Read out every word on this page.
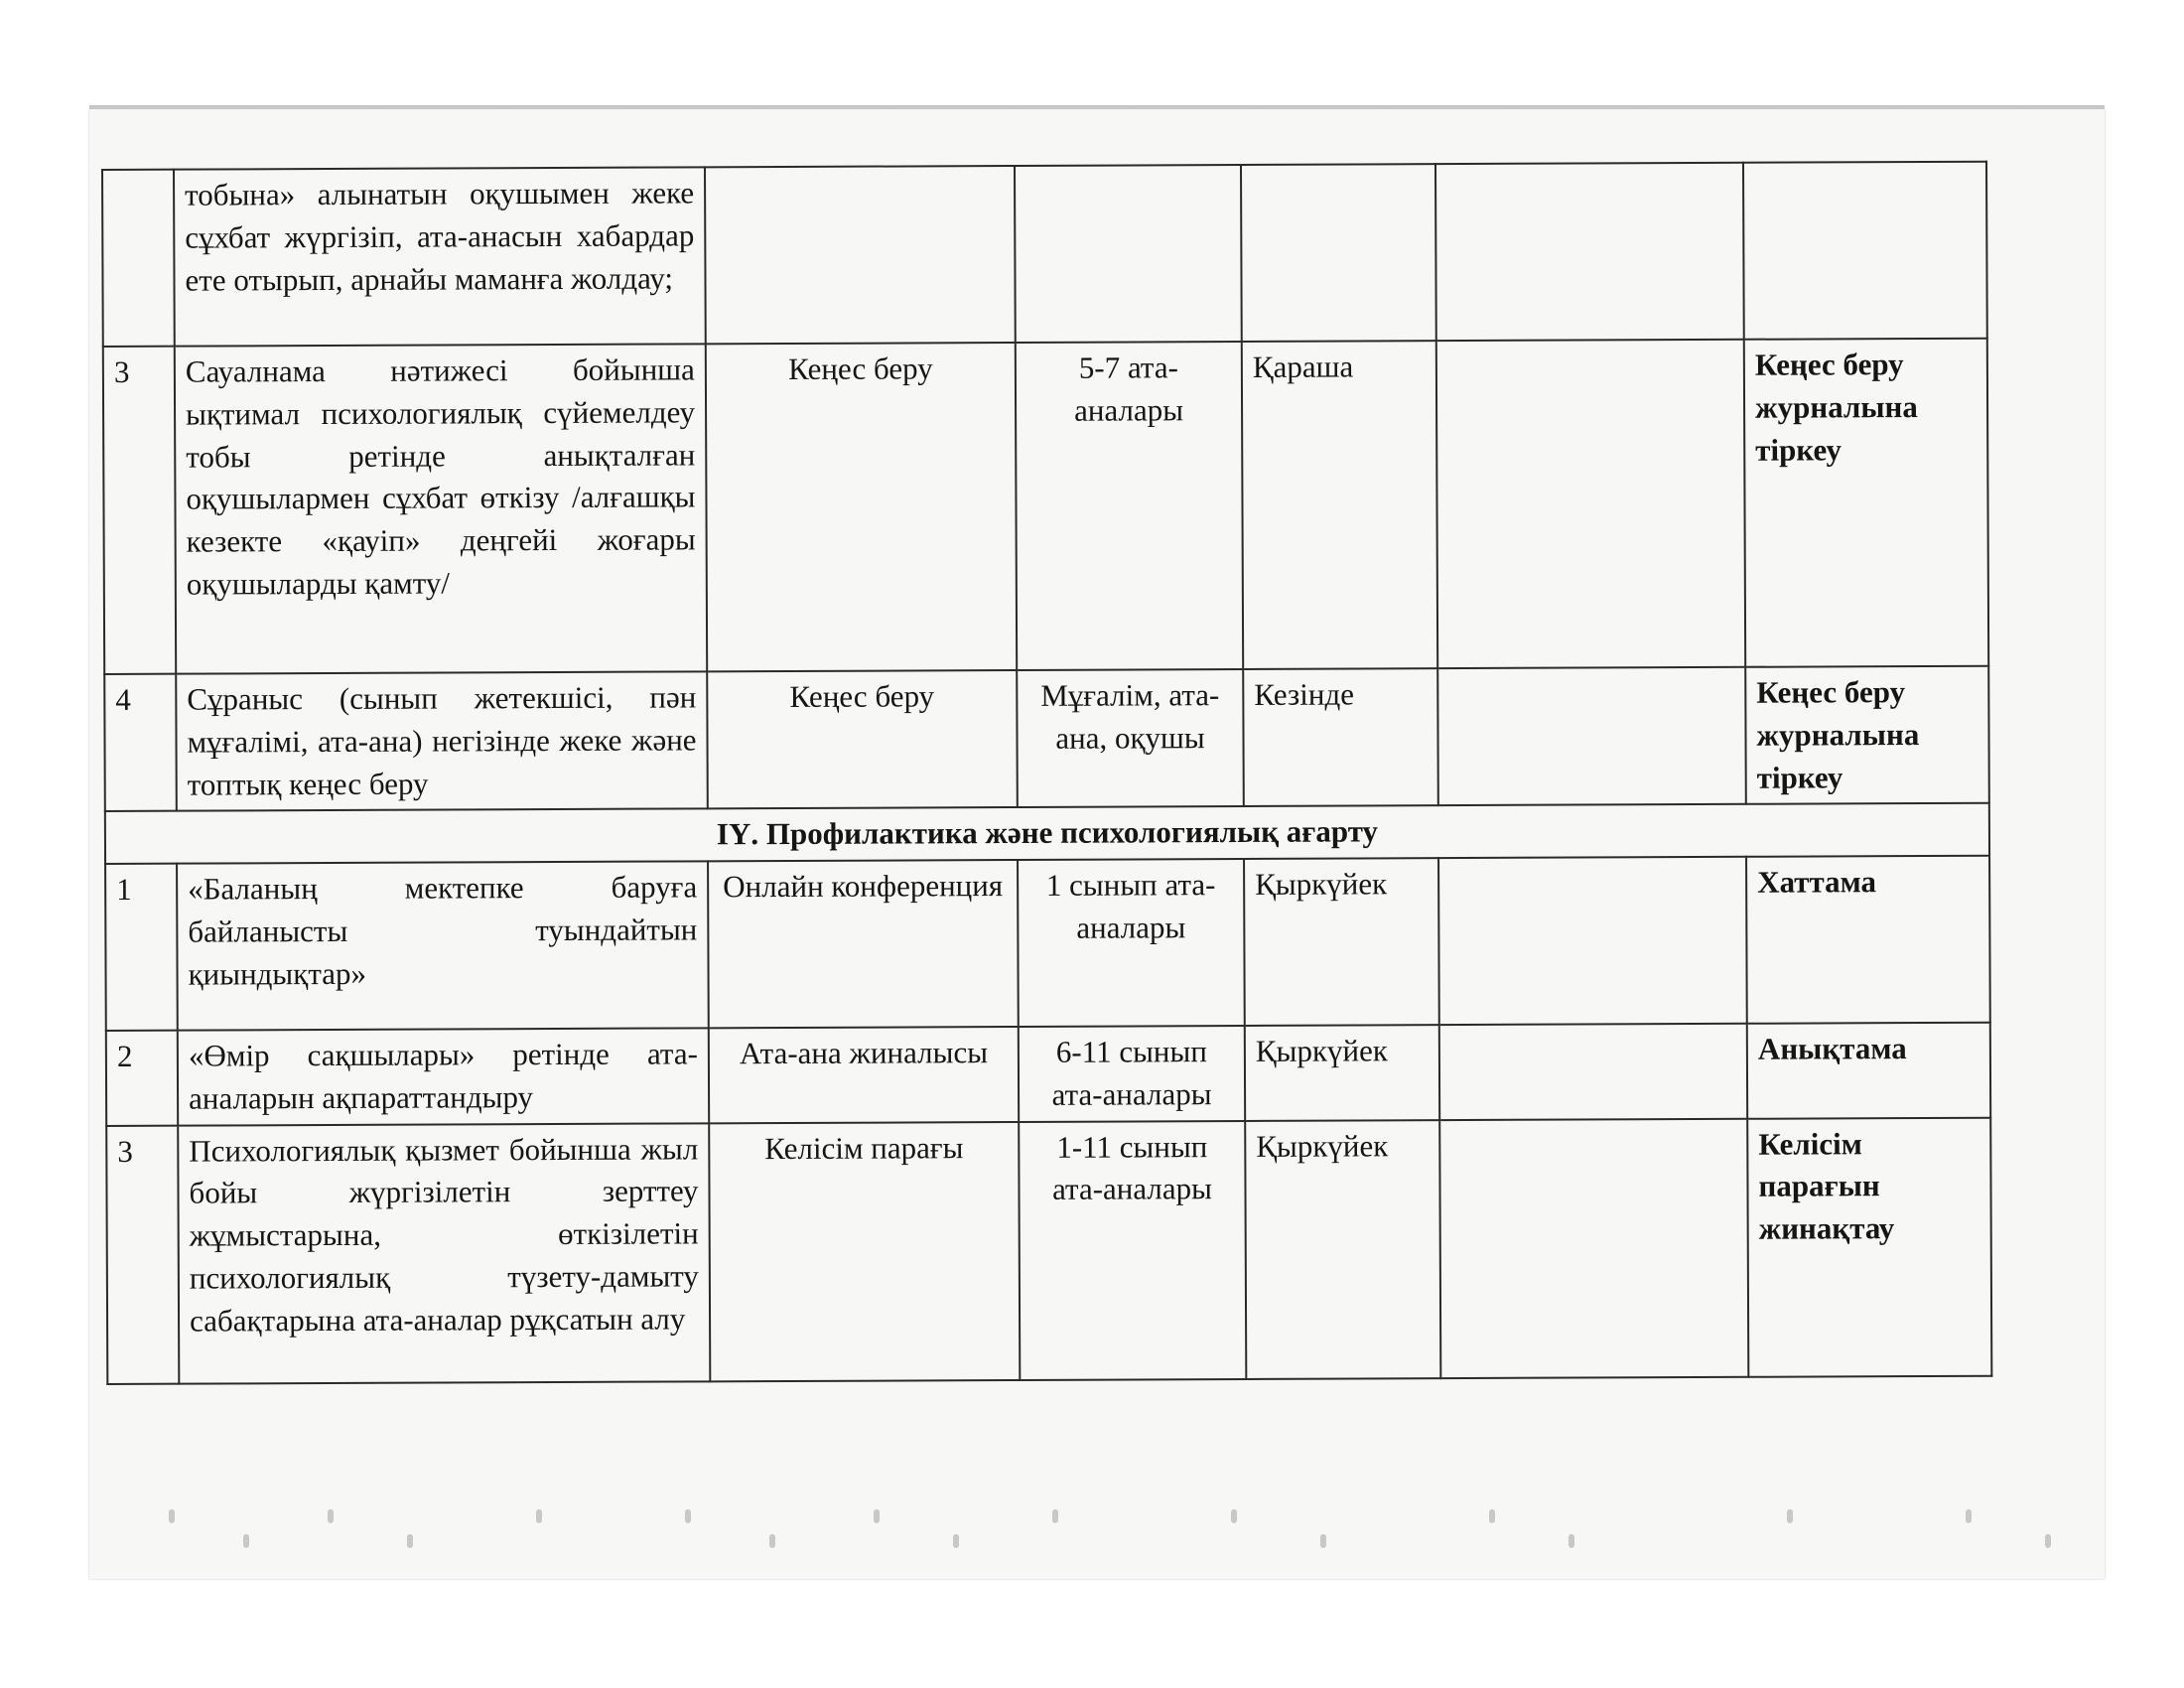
	тобына» алынатын оқушымен жеке сұхбат жүргізіп, ата-анасын хабардар ете отырып, арнайы маманға жолдау;					
3	Сауалнама нәтижесі бойынша ықтимал психологиялық сүйемелдеу тобы ретінде анықталған оқушылармен сұхбат өткізу /алғашқы кезекте «қауіп» деңгейі жоғары оқушыларды қамту/	Кеңес беру	5-7 ата-аналары	Қараша		Кеңес беру журналына тіркеу
4	Сұраныс (сынып жетекшісі, пән мұғалімі, ата-ана) негізінде жеке және топтық кеңес беру	Кеңес беру	Мұғалім, ата-ана, оқушы	Кезінде		Кеңес беру журналына тіркеу
ІҮ. Профилактика және психологиялық ағарту						
1	«Баланың мектепке баруға байланысты туындайтын қиындықтар»	Онлайн конференция	1 сынып ата-аналары	Қыркүйек		Хаттама
2	«Өмір сақшылары» ретінде ата-аналарын ақпараттандыру	Ата-ана жиналысы	6-11 сынып ата-аналары	Қыркүйек		Анықтама
3	Психологиялық қызмет бойынша жыл бойы жүргізілетін зерттеу жұмыстарына, өткізілетін психологиялық түзету-дамыту сабақтарына ата-аналар рұқсатын алу	Келісім парағы	1-11 сынып ата-аналары	Қыркүйек		Келісім парағын жинақтау
